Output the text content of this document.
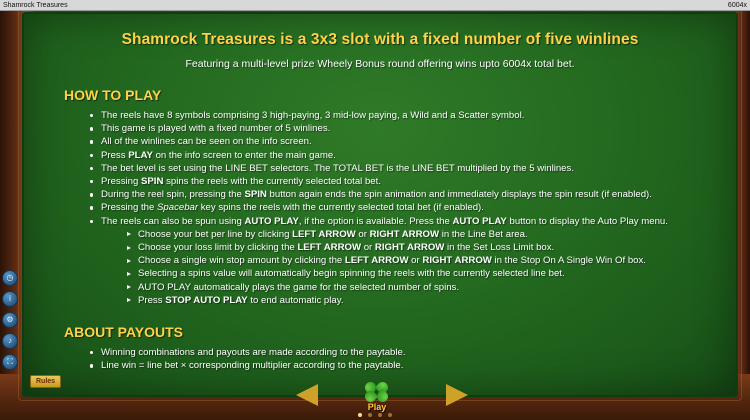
Shamrock Treasures	6004x
Shamrock Treasures is a 3x3 slot with a fixed number of five winlines
Featuring a multi-level prize Wheely Bonus round offering wins upto 6004x total bet.
HOW TO PLAY
The reels have 8 symbols comprising 3 high-paying, 3 mid-low paying, a Wild and a Scatter symbol.
This game is played with a fixed number of 5 winlines.
All of the winlines can be seen on the info screen.
Press PLAY on the info screen to enter the main game.
The bet level is set using the LINE BET selectors. The TOTAL BET is the LINE BET multiplied by the 5 winlines.
Pressing SPIN spins the reels with the currently selected total bet.
During the reel spin, pressing the SPIN button again ends the spin animation and immediately displays the spin result (if enabled).
Pressing the Spacebar key spins the reels with the currently selected total bet (if enabled).
The reels can also be spun using AUTO PLAY, if the option is available. Press the AUTO PLAY button to display the Auto Play menu.
Choose your bet per line by clicking LEFT ARROW or RIGHT ARROW in the Line Bet area.
Choose your loss limit by clicking the LEFT ARROW or RIGHT ARROW in the Set Loss Limit box.
Choose a single win stop amount by clicking the LEFT ARROW or RIGHT ARROW in the Stop On A Single Win Of box.
Selecting a spins value will automatically begin spinning the reels with the currently selected line bet.
AUTO PLAY automatically plays the game for the selected number of spins.
Press STOP AUTO PLAY to end automatic play.
ABOUT PAYOUTS
Winning combinations and payouts are made according to the paytable.
Line win = line bet × corresponding multiplier according to the paytable.
◷
i
⚙
♪
⛶
Rules
Play
